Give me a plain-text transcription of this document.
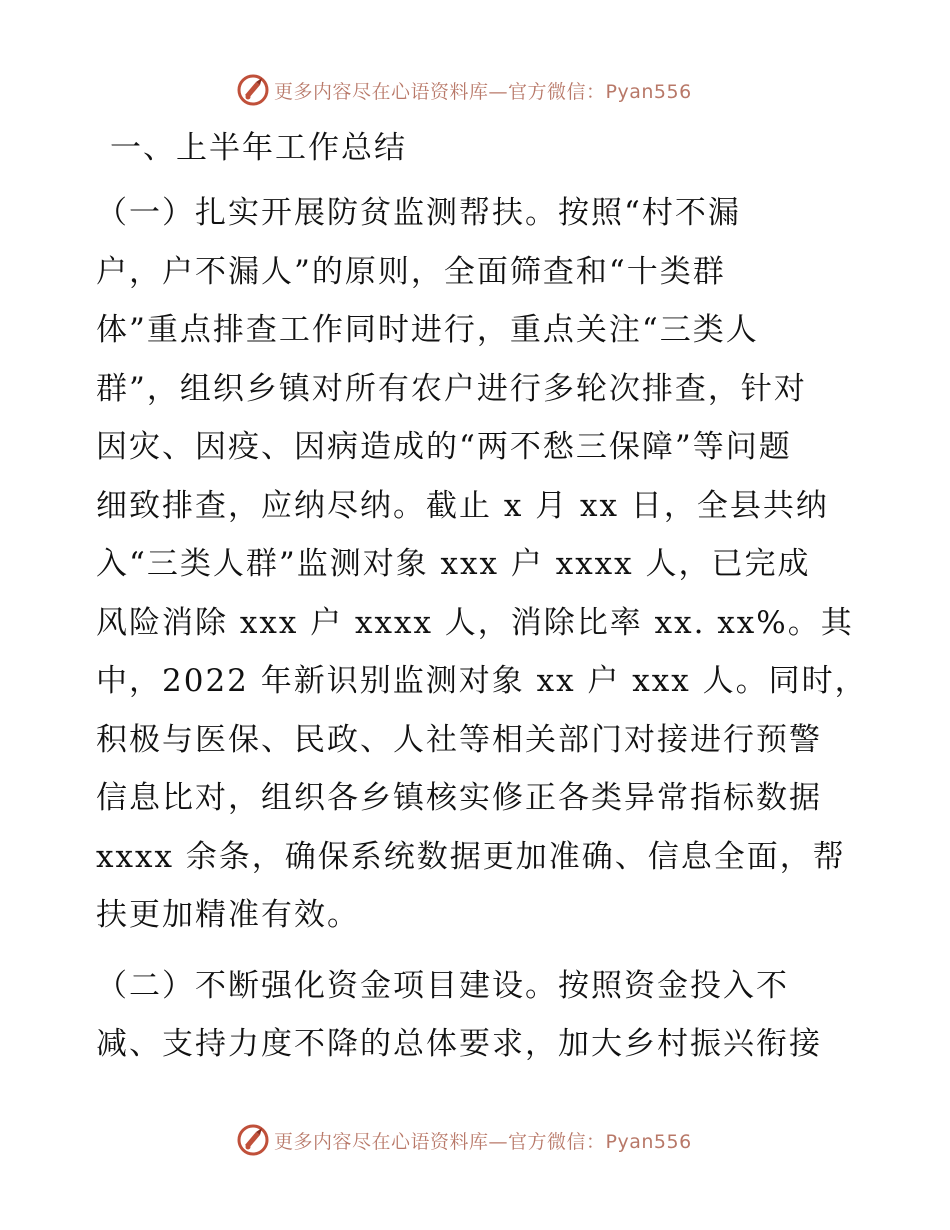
更多内容尽在心语资料库—官方微信：Pyan556
一、上半年工作总结
（一）扎实开展防贫监测帮扶。按照“村不漏
户，户不漏人”的原则，全面筛查和“十类群
体”重点排查工作同时进行，重点关注“三类人
群”，组织乡镇对所有农户进行多轮次排查，针对
因灾、因疫、因病造成的“两不愁三保障”等问题
细致排查，应纳尽纳。截止 x 月 xx 日，全县共纳
入“三类人群”监测对象 xxx 户 xxxx 人，已完成
风险消除 xxx 户 xxxx 人，消除比率 xx. xx%。其
中，2022 年新识别监测对象 xx 户 xxx 人。同时，
积极与医保、民政、人社等相关部门对接进行预警
信息比对，组织各乡镇核实修正各类异常指标数据
xxxx 余条，确保系统数据更加准确、信息全面，帮
扶更加精准有效。
（二）不断强化资金项目建设。按照资金投入不
减、支持力度不降的总体要求，加大乡村振兴衔接
更多内容尽在心语资料库—官方微信：Pyan556
